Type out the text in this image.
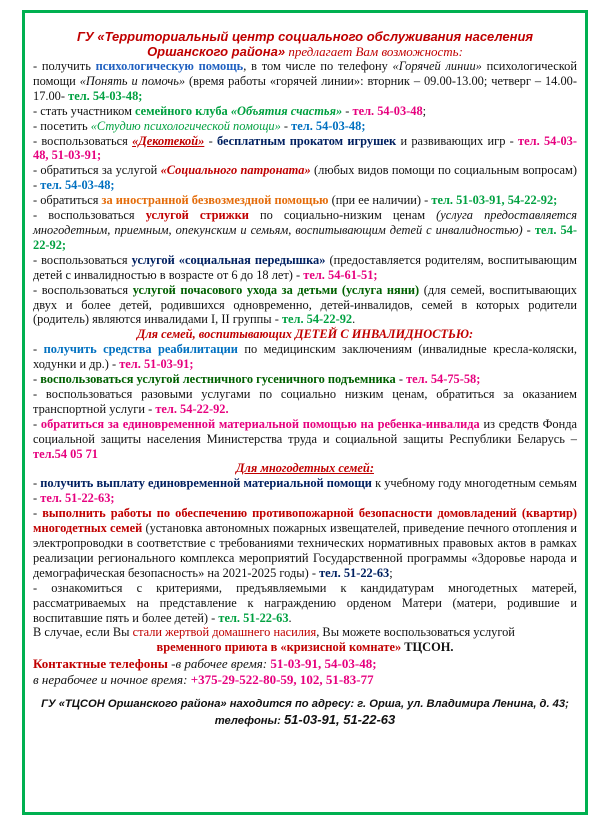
ГУ «Территориальный центр социального обслуживания населения
Оршанского района» предлагает Вам возможность:

- получить психологическую помощь, в том числе по телефону «Горячей линии» психологической помощи «Понять и помочь» (время работы «горячей линии»: вторник – 09.00-13.00; четверг – 14.00-17.00- тел. 54-03-48;

- стать участником семейного клуба «Объятия счастья» - тел. 54-03-48;

- посетить «Студию психологической помощи» - тел. 54-03-48;

- воспользоваться «Декотекой» - бесплатным прокатом игрушек и развивающих игр - тел. 54-03-48, 51-03-91;

- обратиться за услугой «Социального патроната» (любых видов помощи по социальным вопросам) - тел. 54-03-48;

- обратиться за иностранной безвозмездной помощью (при ее наличии) - тел. 51-03-91, 54-22-92;

- воспользоваться услугой стрижки по социально-низким ценам (услуга предоставляется многодетным, приемным, опекунским и семьям, воспитывающим детей с инвалидностью) - тел. 54-22-92;

- воспользоваться услугой «социальная передышка» (предоставляется родителям, воспитывающим детей с инвалидностью в возрасте от 6 до 18 лет) - тел. 54-61-51;

- воспользоваться услугой почасового ухода за детьми (услуга няни) (для семей, воспитывающих двух и более детей, родившихся одновременно, детей-инвалидов, семей в которых родители (родитель) являются инвалидами I, II группы - тел. 54-22-92.

Для семей, воспитывающих ДЕТЕЙ С ИНВАЛИДНОСТЬЮ:

- получить средства реабилитации по медицинским заключениям (инвалидные кресла-коляски, ходунки и др.) - тел. 51-03-91;

- воспользоваться услугой лестничного гусеничного подъемника - тел. 54-75-58;

- воспользоваться разовыми услугами по социально низким ценам, обратиться за оказанием транспортной услуги - тел. 54-22-92.

- обратиться за единовременной материальной помощью на ребенка-инвалида из средств Фонда социальной защиты населения Министерства труда и социальной защиты Республики Беларусь – тел.54 05 71

Для многодетных семей:

- получить выплату единовременной материальной помощи к учебному году многодетным семьям - тел. 51-22-63;

- выполнить работы по обеспечению противопожарной безопасности домовладений (квартир) многодетных семей (установка автономных пожарных извещателей, приведение печного отопления и электропроводки в соответствие с требованиями технических нормативных правовых актов в рамках реализации регионального комплекса мероприятий Государственной программы «Здоровье народа и демографическая безопасность» на 2021-2025 годы) - тел. 51-22-63;

- ознакомиться с критериями, предъявляемыми к кандидатурам многодетных матерей, рассматриваемых на представление к награждению орденом Матери (матери, родившие и воспитавшие пять и более детей) - тел. 51-22-63.

В случае, если Вы стали жертвой домашнего насилия, Вы можете воспользоваться услугой
временного приюта в «кризисной комнате» ТЦСОН.

Контактные телефоны -в рабочее время: 51-03-91, 54-03-48;
в нерабочее и ночное время: +375-29-522-80-59, 102, 51-83-77

ГУ «ТЦСОН Оршанского района» находится по адресу: г. Орша, ул. Владимира Ленина, д. 43;
телефоны: 51-03-91, 51-22-63
